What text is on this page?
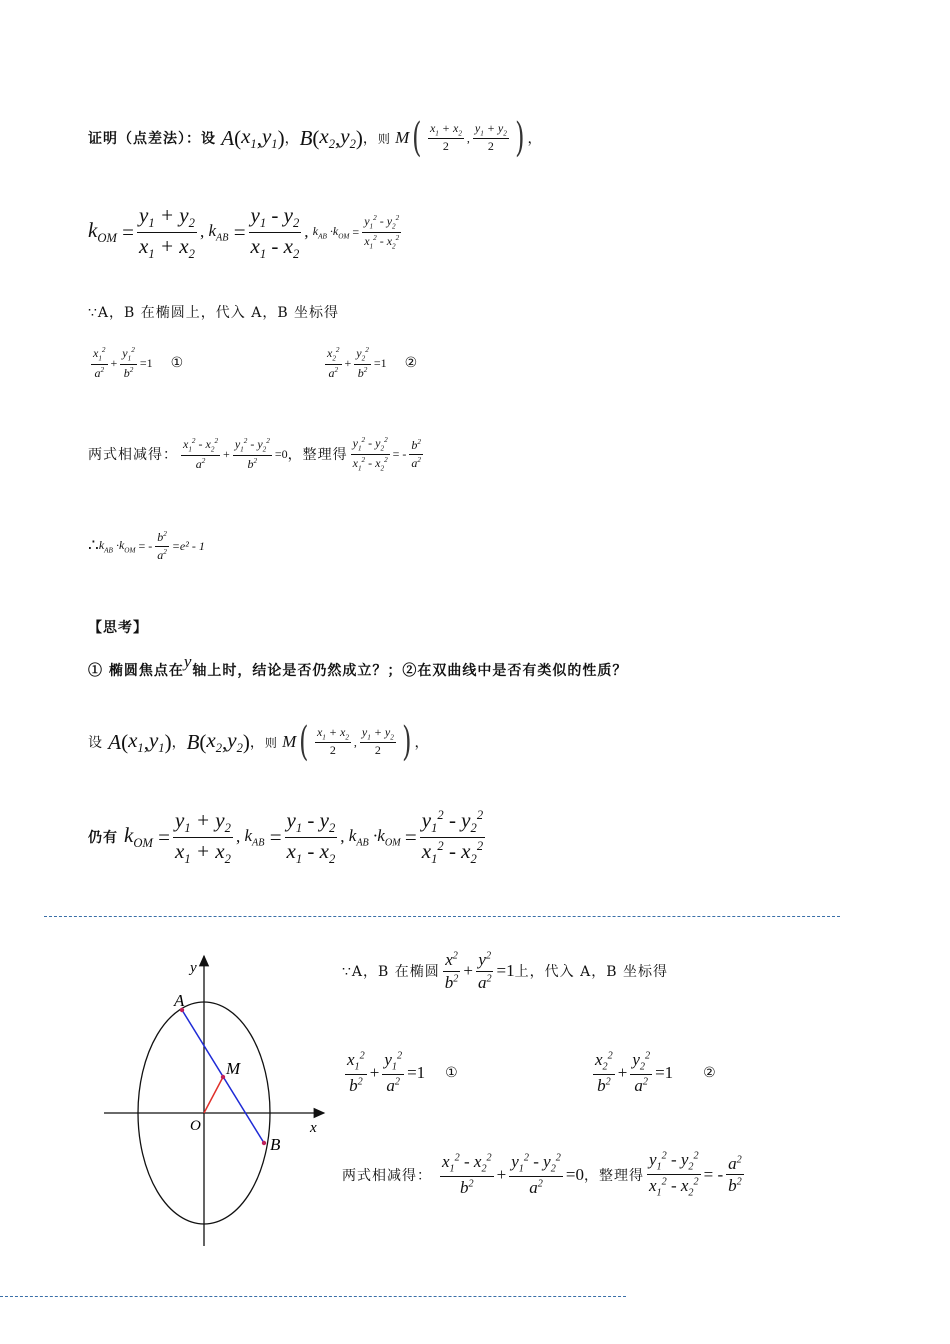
证明（点差法）：设 A ( $x_1$ , $y_1$ ) ， B ( $x_2$ , $y_2$ ) ， 则 M ( $\frac{x_1 + x_2}{2}$ , $\frac{y_1 + y_2}{2}$ ) ，
$k_{OM} = \frac{y_1 + y_2}{x_1 + x_2}$ , $k_{AB} = \frac{y_1 - y_2}{x_1 - x_2}$ , $k_{AB} \cdot k_{OM} = \frac{y_1^2 - y_2^2}{x_1^2 - x_2^2}$
∵A，B 在椭圆上，代入 A，B 坐标得
$\frac{x_1^2}{a^2} + \frac{y_1^2}{b^2} =1$ ①	$\frac{x_2^2}{a^2} + \frac{y_2^2}{b^2} =1$ ②
两式相减得： $\frac{x_1^2 - x_2^2}{a^2} + \frac{y_1^2 - y_2^2}{b^2} =0$ ，整理得 $\frac{y_1^2 - y_2^2}{x_1^2 - x_2^2}$ = - $\frac{b^2}{a^2}$
∴ $k_{AB} \cdot k_{OM}$ = - $\frac{b^2}{a^2} =e^2 - 1$
【思考】
① 椭圆焦点在 y 轴上时，结论是否仍然成立？；②在双曲线中是否有类似的性质？
设 A ( $x_1$ , $y_1$ ) ， B ( $x_2$ , $y_2$ ) ， 则 M ( $\frac{x_1 + x_2}{2}$ , $\frac{y_1 + y_2}{2}$ ) ，
仍有 $k_{OM} = \frac{y_1 + y_2}{x_1 + x_2}$ , $k_{AB} = \frac{y_1 - y_2}{x_1 - x_2}$ , $k_{AB} \cdot k_{OM} = \frac{y_1^2 - y_2^2}{x_1^2 - x_2^2}$
y
x
O
A
B
M
∵A，B 在椭圆 $\frac{x^2}{b^2} + \frac{y^2}{a^2} =1$ 上，代入 A，B 坐标得
$\frac{x_1^2}{b^2} + \frac{y_1^2}{a^2} =1$ ①	$\frac{x_2^2}{b^2} + \frac{y_2^2}{a^2} =1$ ②
两式相减得： $\frac{x_1^2 - x_2^2}{b^2} + \frac{y_1^2 - y_2^2}{a^2} =0$ ，整理得 $\frac{y_1^2 - y_2^2}{x_1^2 - x_2^2}$ = - $\frac{a^2}{b^2}$
